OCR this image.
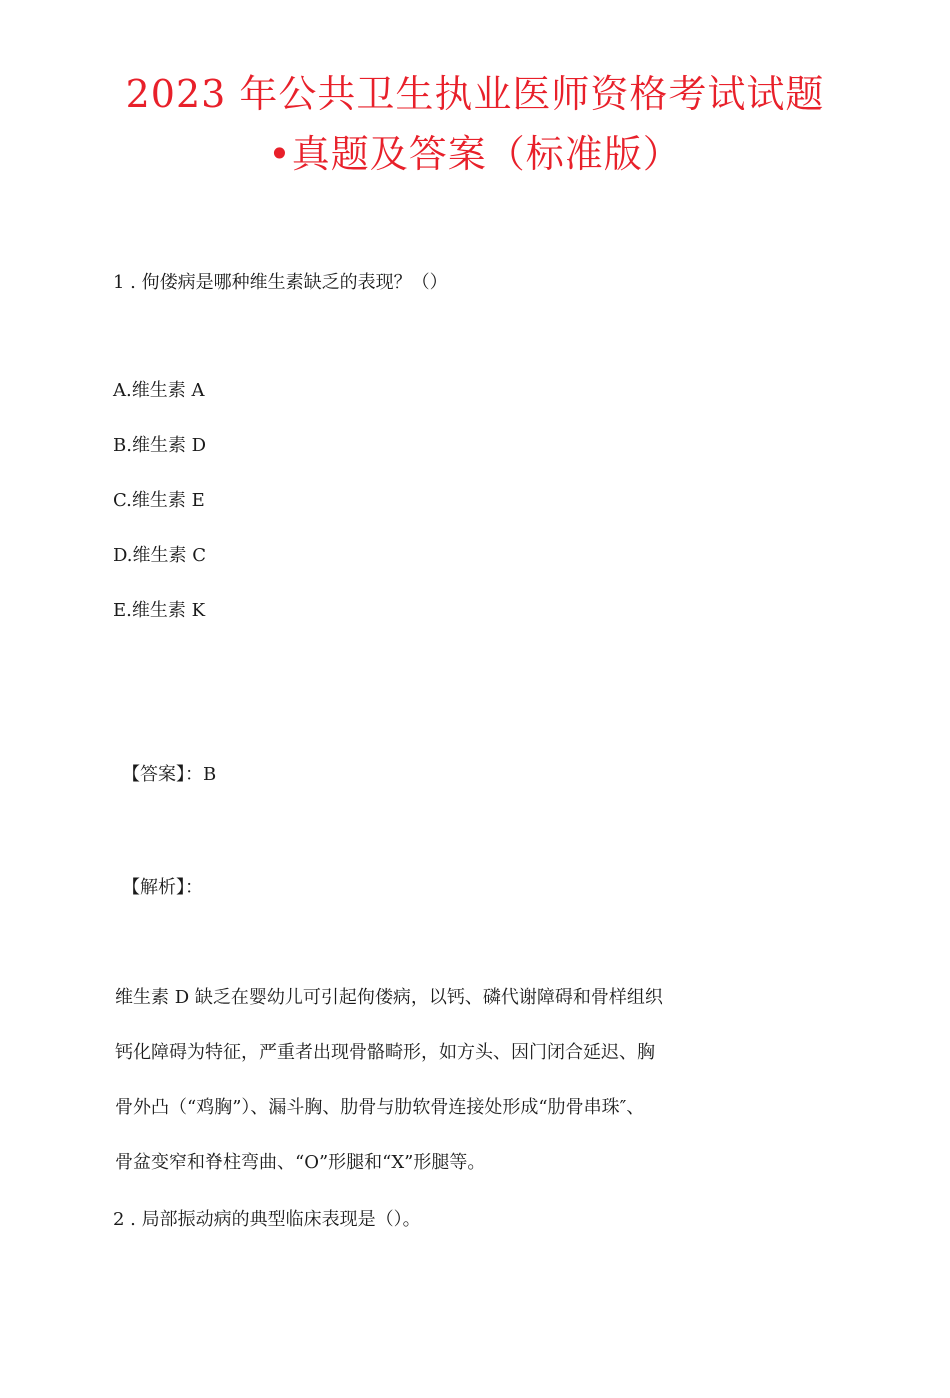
2023 年公共卫生执业医师资格考试试题
•真题及答案（标准版）
1 . 佝偻病是哪种维生素缺乏的表现？（）
A.维生素 A
B.维生素 D
C.维生素 E
D.维生素 C
E.维生素 K
【答案】：B
【解析】：
维生素 D 缺乏在婴幼儿可引起佝偻病，以钙、磷代谢障碍和骨样组织
钙化障碍为特征，严重者出现骨骼畸形，如方头、因门闭合延迟、胸
骨外凸（“鸡胸”）、漏斗胸、肋骨与肋软骨连接处形成“肋骨串珠″、
骨盆变窄和脊柱弯曲、“O”形腿和“X”形腿等。
2 . 局部振动病的典型临床表现是（）。
